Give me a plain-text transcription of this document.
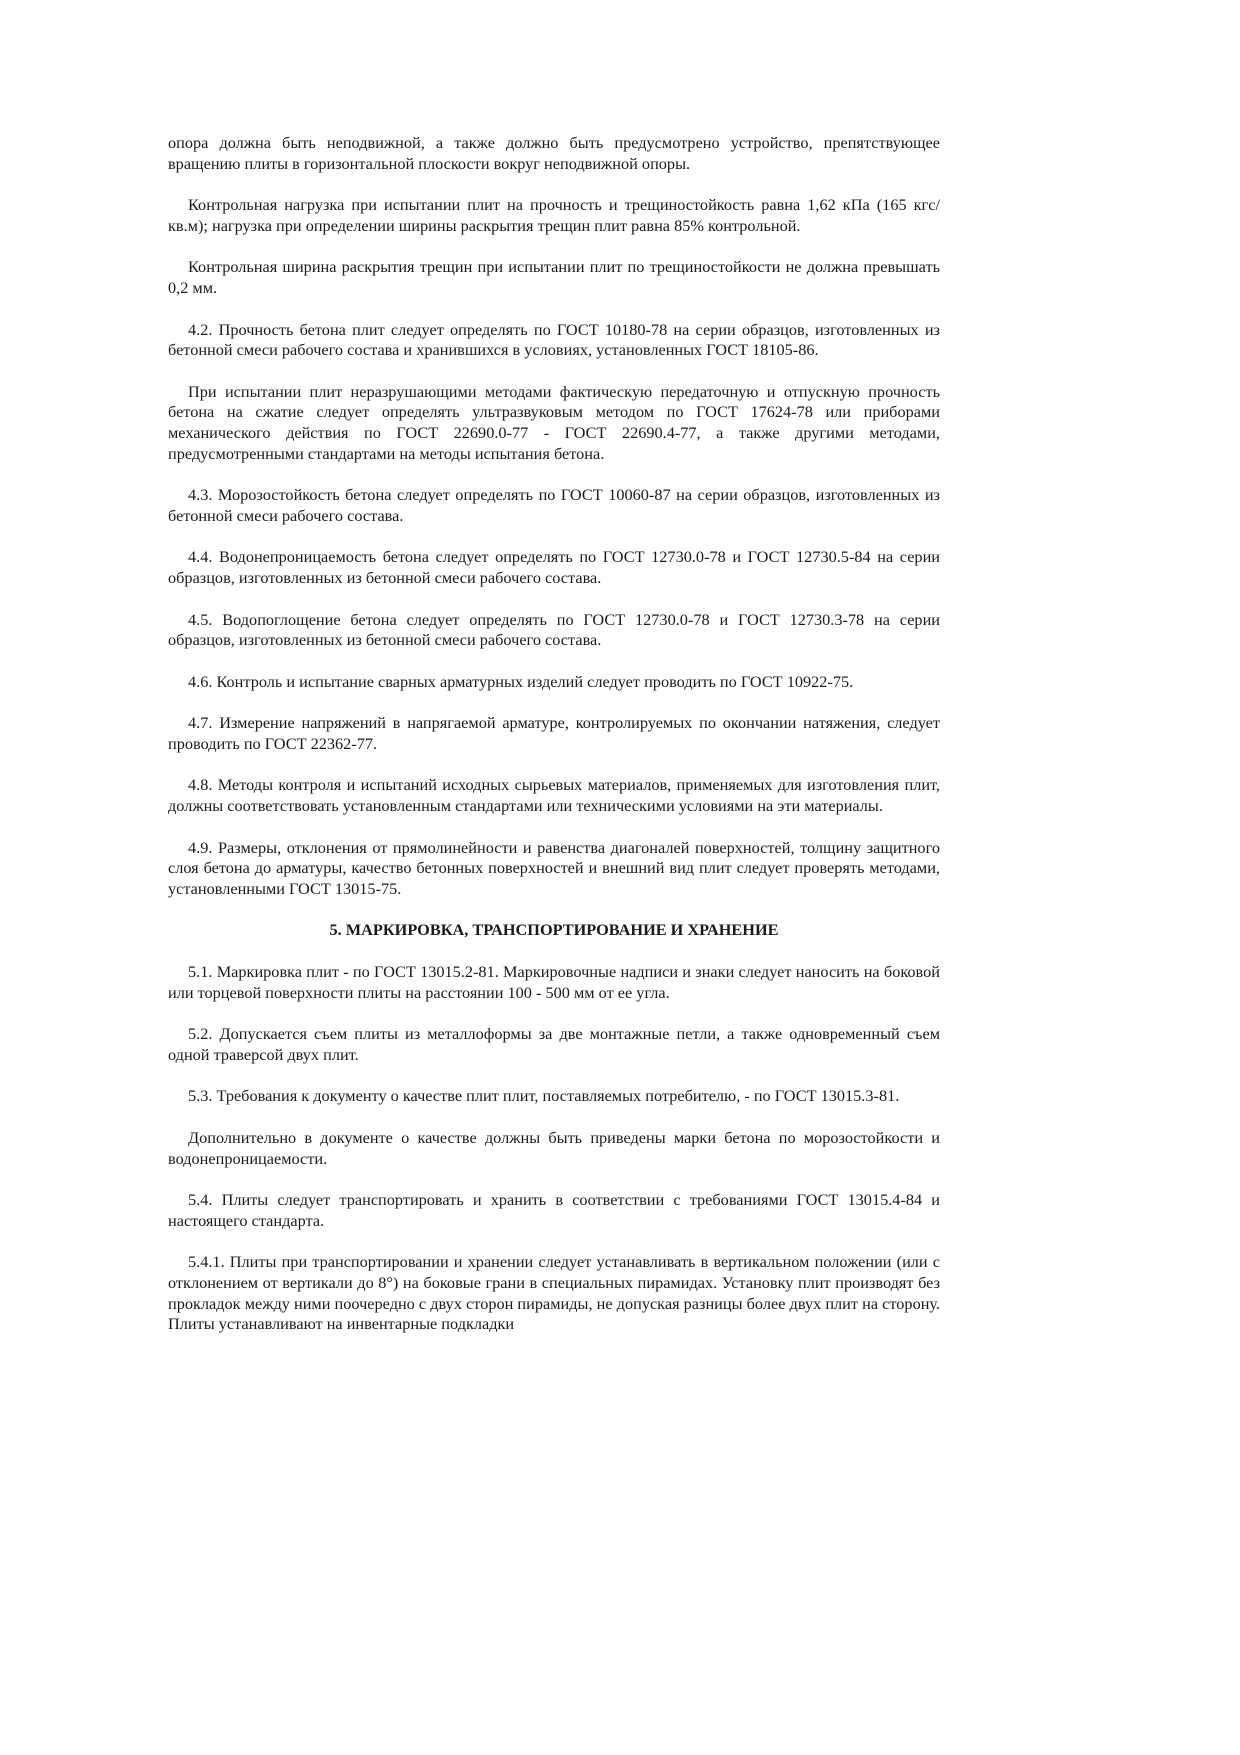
опора должна быть неподвижной, а также должно быть предусмотрено устройство, препятствующее вращению плиты в горизонтальной плоскости вокруг неподвижной опоры.

Контрольная нагрузка при испытании плит на прочность и трещиностойкость равна 1,62 кПа (165 кгс/кв.м); нагрузка при определении ширины раскрытия трещин плит равна 85% контрольной.

Контрольная ширина раскрытия трещин при испытании плит по трещиностойкости не должна превышать 0,2 мм.

4.2. Прочность бетона плит следует определять по ГОСТ 10180-78 на серии образцов, изготовленных из бетонной смеси рабочего состава и хранившихся в условиях, установленных ГОСТ 18105-86.

При испытании плит неразрушающими методами фактическую передаточную и отпускную прочность бетона на сжатие следует определять ультразвуковым методом по ГОСТ 17624-78 или приборами механического действия по ГОСТ 22690.0-77 - ГОСТ 22690.4-77, а также другими методами, предусмотренными стандартами на методы испытания бетона.

4.3. Морозостойкость бетона следует определять по ГОСТ 10060-87 на серии образцов, изготовленных из бетонной смеси рабочего состава.

4.4. Водонепроницаемость бетона следует определять по ГОСТ 12730.0-78 и ГОСТ 12730.5-84 на серии образцов, изготовленных из бетонной смеси рабочего состава.

4.5. Водопоглощение бетона следует определять по ГОСТ 12730.0-78 и ГОСТ 12730.3-78 на серии образцов, изготовленных из бетонной смеси рабочего состава.

4.6. Контроль и испытание сварных арматурных изделий следует проводить по ГОСТ 10922-75.

4.7. Измерение напряжений в напрягаемой арматуре, контролируемых по окончании натяжения, следует проводить по ГОСТ 22362-77.

4.8. Методы контроля и испытаний исходных сырьевых материалов, применяемых для изготовления плит, должны соответствовать установленным стандартами или техническими условиями на эти материалы.

4.9. Размеры, отклонения от прямолинейности и равенства диагоналей поверхностей, толщину защитного слоя бетона до арматуры, качество бетонных поверхностей и внешний вид плит следует проверять методами, установленными ГОСТ 13015-75.

5. МАРКИРОВКА, ТРАНСПОРТИРОВАНИЕ И ХРАНЕНИЕ

5.1. Маркировка плит - по ГОСТ 13015.2-81. Маркировочные надписи и знаки следует наносить на боковой или торцевой поверхности плиты на расстоянии 100 - 500 мм от ее угла.

5.2. Допускается съем плиты из металлоформы за две монтажные петли, а также одновременный съем одной траверсой двух плит.

5.3. Требования к документу о качестве плит плит, поставляемых потребителю, - по ГОСТ 13015.3-81.

Дополнительно в документе о качестве должны быть приведены марки бетона по морозостойкости и водонепроницаемости.

5.4. Плиты следует транспортировать и хранить в соответствии с требованиями ГОСТ 13015.4-84 и настоящего стандарта.

5.4.1. Плиты при транспортировании и хранении следует устанавливать в вертикальном положении (или с отклонением от вертикали до 8°) на боковые грани в специальных пирамидах. Установку плит производят без прокладок между ними поочередно с двух сторон пирамиды, не допуская разницы более двух плит на сторону. Плиты устанавливают на инвентарные подкладки
